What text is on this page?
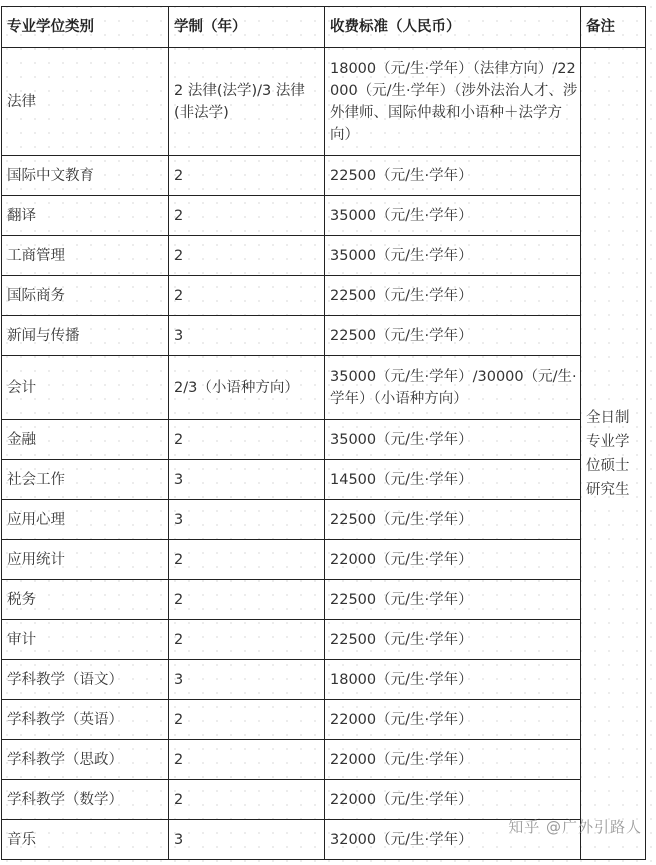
专业学位类别	学制（年）	收费标准（人民币）	备注
法律	2 法律(法学)/3 法律(非法学)	18000（元/生·学年）（法律方向）/22000（元/生·学年）（涉外法治人才、涉外律师、国际仲裁和小语种＋法学方向）	全日制专业学位硕士研究生
国际中文教育	2	22500（元/生·学年）	
翻译	2	35000（元/生·学年）	
工商管理	2	35000（元/生·学年）	
国际商务	2	22500（元/生·学年）	
新闻与传播	3	22500（元/生·学年）	
会计	2/3（小语种方向）	35000（元/生·学年）/30000（元/生·学年）（小语种方向）	
金融	2	35000（元/生·学年）	
社会工作	3	14500（元/生·学年）	
应用心理	3	22500（元/生·学年）	
应用统计	2	22000（元/生·学年）	
税务	2	22500（元/生·学年）	
审计	2	22500（元/生·学年）	
学科教学（语文）	3	18000（元/生·学年）	
学科教学（英语）	2	22000（元/生·学年）	
学科教学（思政）	2	22000（元/生·学年）	
学科教学（数学）	2	22000（元/生·学年）	
音乐	3	32000（元/生·学年）	
知乎 @广外引路人
